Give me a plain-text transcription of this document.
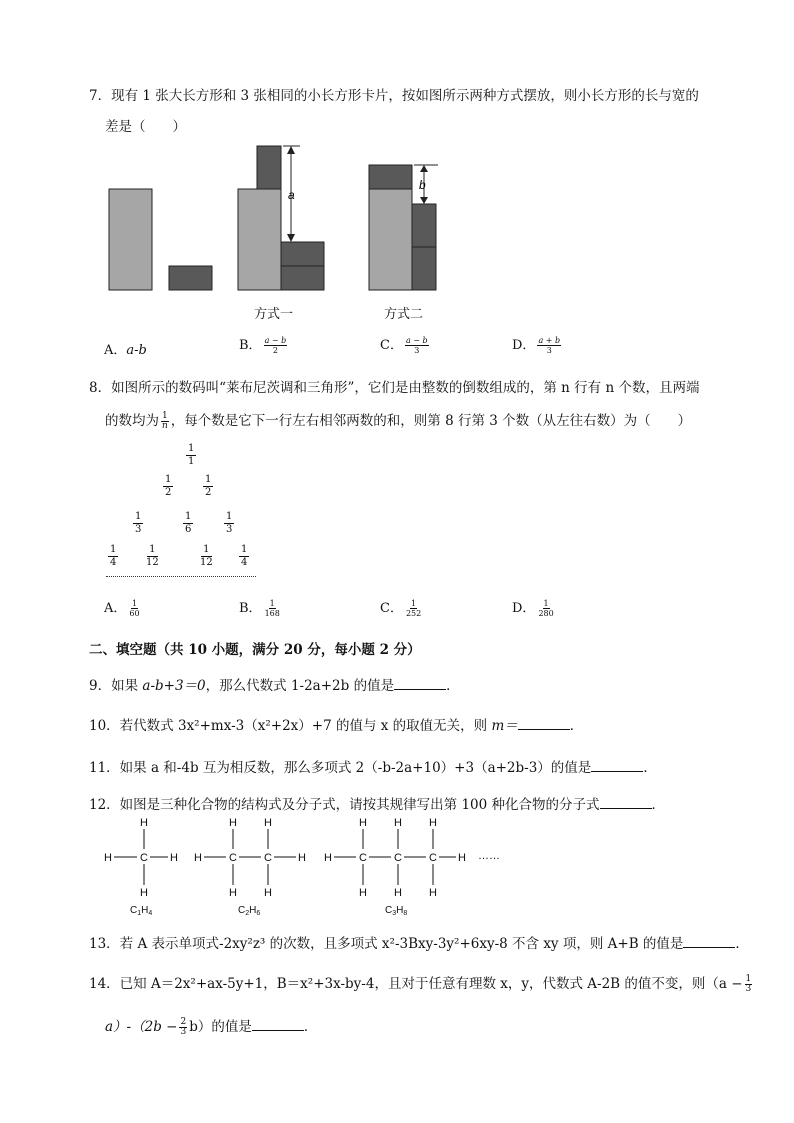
7．现有 1 张大长方形和 3 张相同的小长方形卡片，按如图所示两种方式摆放，则小长方形的长与宽的
差是（　　）
a
b
方式一	方式二
A．a-b	B． $\frac{a - b}{2}$	C． $\frac{a - b}{3}$	D． $\frac{a + b}{3}$
8．如图所示的数码叫“莱布尼茨调和三角形”，它们是由整数的倒数组成的，第 n 行有 n 个数，且两端
的数均为 $\frac{1}{n}$ ，每个数是它下一行左右相邻两数的和，则第 8 行第 3 个数（从左往右数）为（　　）
$\frac{1}{1}$
$\frac{1}{2}$	$\frac{1}{2}$
$\frac{1}{3}$	$\frac{1}{6}$	$\frac{1}{3}$
$\frac{1}{4}$	$\frac{1}{12}$	$\frac{1}{12}$	$\frac{1}{4}$
A． $\frac{1}{60}$	B． $\frac{1}{168}$	C． $\frac{1}{252}$	D． $\frac{1}{280}$
二、填空题（共 10 小题，满分 20 分，每小题 2 分）
9．如果 a-b+3＝0，那么代数式 1-2a+2b 的值是	．
10．若代数式 3x²+mx-3（x²+2x）+7 的值与 x 的取值无关，则 m＝	．
11．如果 a 和-4b 互为相反数，那么多项式 2（-b-2a+10）+3（a+2b-3）的值是	．
12．如图是三种化合物的结构式及分子式，请按其规律写出第 100 种化合物的分子式	．
H
C
H
H	H
H H
C C
H H
H	H
H H H
C C C
H H H
H	H ……
$C_1H_4$	$C_2H_6$	$C_3H_8$
13．若 A 表示单项式-2xy²z³ 的次数，且多项式 x²-3Bxy-3y²+6xy-8 不含 xy 项，则 A+B 的值是	．
14．已知 A＝2x²+ax-5y+1，B＝x²+3x-by-4，且对于任意有理数 x，y，代数式 A-2B 的值不变，则（$a - \frac{1}{3}$
$a)-(2b - \frac{2}{3} b)$的值是	．
